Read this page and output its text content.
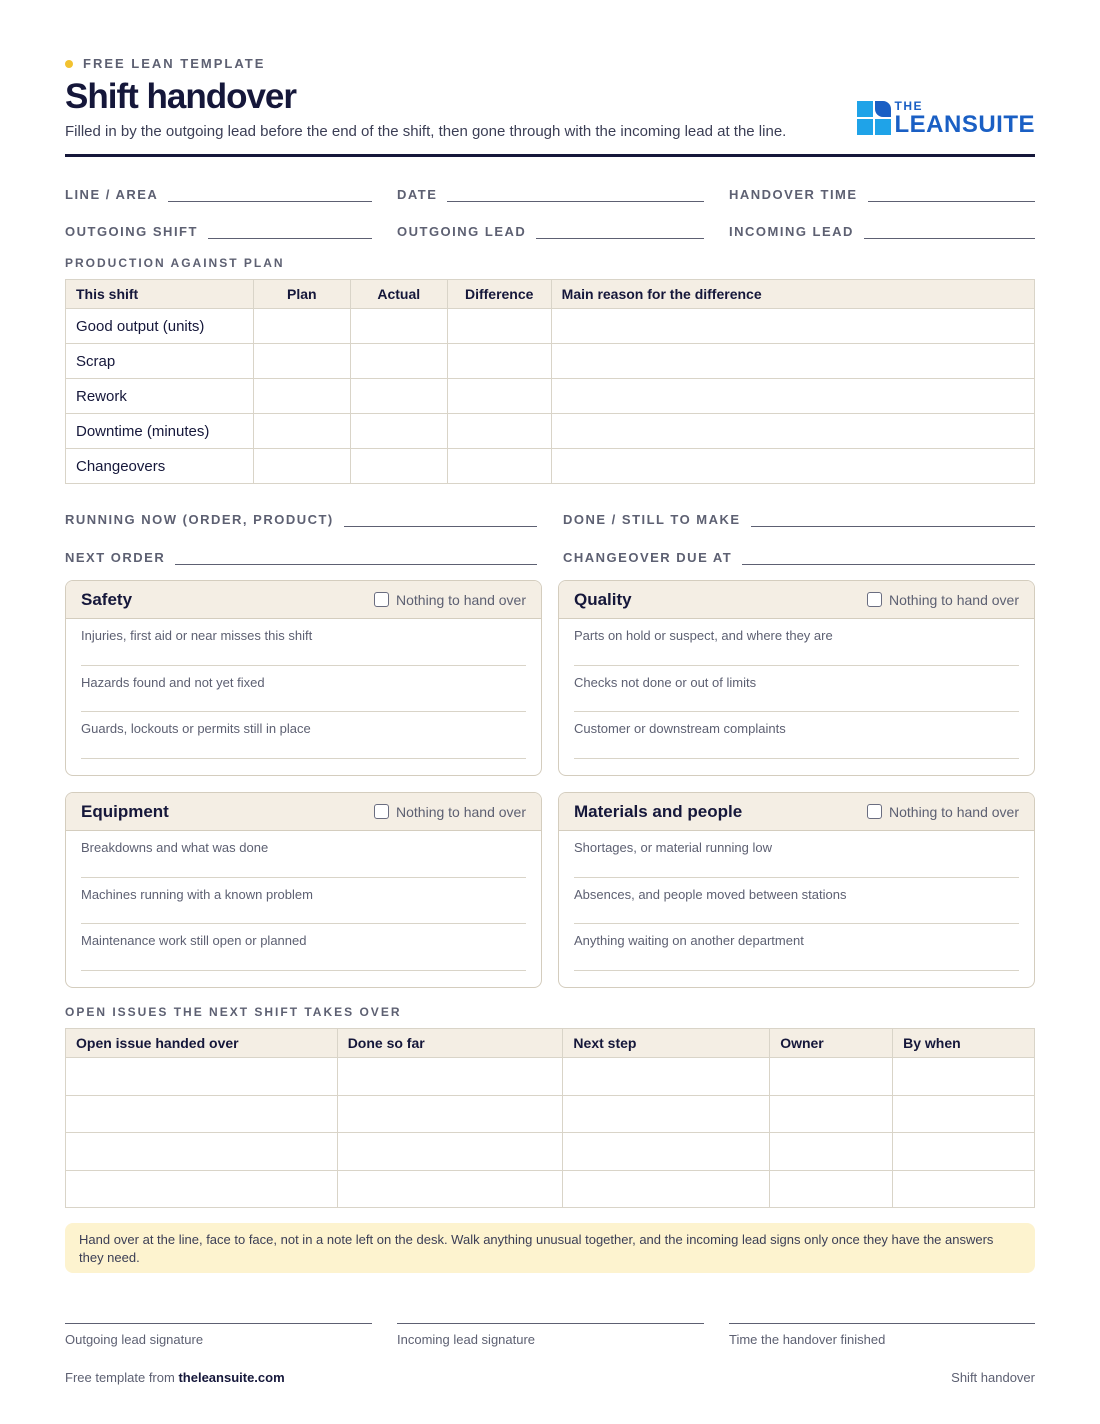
FREE LEAN TEMPLATE
Shift handover
Filled in by the outgoing lead before the end of the shift, then gone through with the incoming lead at the line.
THE
LEANSUITE
LINE / AREA	DATE	HANDOVER TIME
OUTGOING SHIFT	OUTGOING LEAD	INCOMING LEAD
PRODUCTION AGAINST PLAN
This shift	Plan	Actual	Difference	Main reason for the difference
Good output (units)				
Scrap				
Rework				
Downtime (minutes)				
Changeovers				
RUNNING NOW (ORDER, PRODUCT)	DONE / STILL TO MAKE
NEXT ORDER	CHANGEOVER DUE AT
Safety	Nothing to hand over
Injuries, first aid or near misses this shift
Hazards found and not yet fixed
Guards, lockouts or permits still in place
Quality	Nothing to hand over
Parts on hold or suspect, and where they are
Checks not done or out of limits
Customer or downstream complaints
Equipment	Nothing to hand over
Breakdowns and what was done
Machines running with a known problem
Maintenance work still open or planned
Materials and people	Nothing to hand over
Shortages, or material running low
Absences, and people moved between stations
Anything waiting on another department
OPEN ISSUES THE NEXT SHIFT TAKES OVER
Open issue handed over	Done so far	Next step	Owner	By when

Hand over at the line, face to face, not in a note left on the desk. Walk anything unusual together, and the incoming lead signs only once they have the answers they need.
Outgoing lead signature	Incoming lead signature	Time the handover finished
Free template from theleansuite.com	Shift handover
